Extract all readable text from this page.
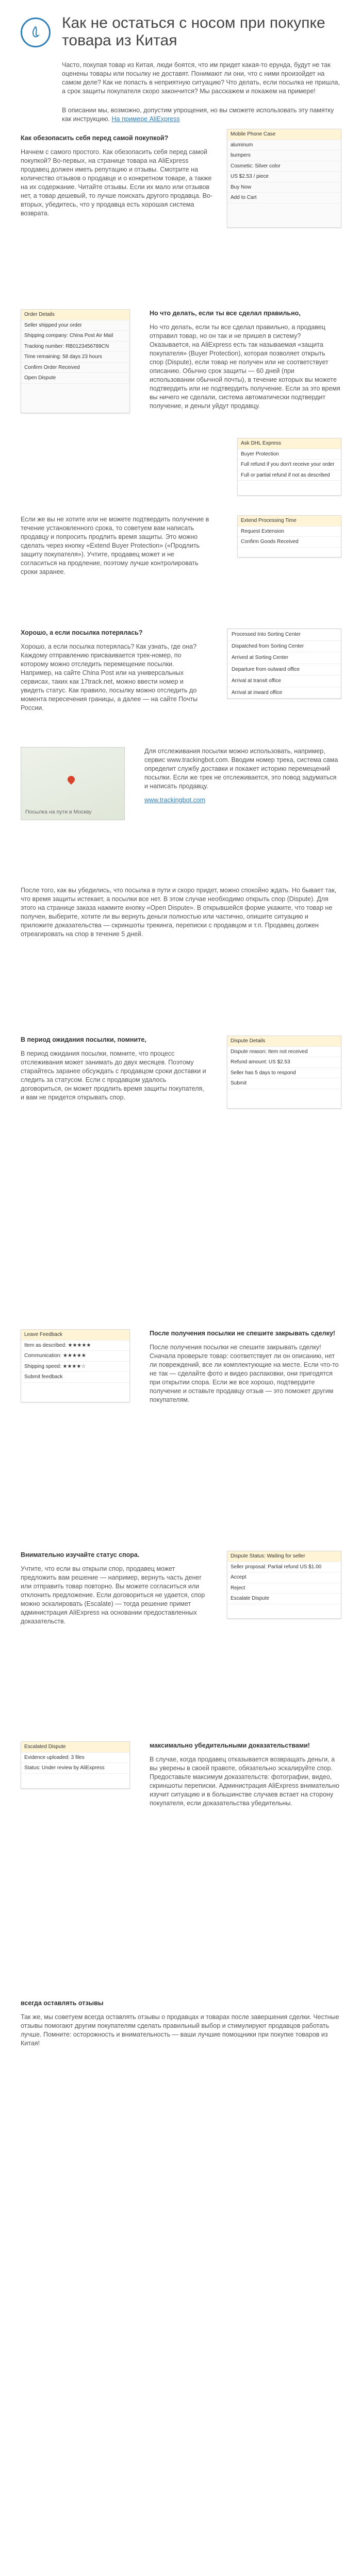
Как не остаться с носом при покупке товара из Китая
Часто, покупая товар из Китая, люди боятся, что им придет какая-то ерунда, будут не так оценены товары или посылку не доставят. Понимают ли они, что с ними произойдет на самом деле? Как не попасть в неприятную ситуацию? Что делать, если посылка не пришла, а срок защиты покупателя скоро закончится? Мы расскажем и покажем на примере!
В описании мы, возможно, допустим упрощения, но вы сможете использовать эту памятку как инструкцию. На примере AliExpress
Mobile Phone Case
aluminum
bumpers
Cosmetic: Silver color
US $2.53 / piece
Buy Now
Add to Cart

Как обезопасить себя перед самой покупкой?

Начнем с самого простого. Как обезопасить себя перед самой покупкой? Во-первых, на странице товара на AliExpress продавец должен иметь репутацию и отзывы. Смотрите на количество отзывов о продавце и о конкретном товаре, а также на их содержание. Читайте отзывы. Если их мало или отзывов нет, а товар дешевый, то лучше поискать другого продавца. Во-вторых, убедитесь, что у продавца есть хорошая система возврата.

Order Details
Seller shipped your order
Shipping company: China Post Air Mail
Tracking number: RB0123456789CN
Time remaining: 58 days 23 hours
Confirm Order Received
Open Dispute

Но что делать, если ты все сделал правильно,

Но что делать, если ты все сделал правильно, а продавец отправил товар, но он так и не пришел в систему? Оказывается, на AliExpress есть так называемая «защита покупателя» (Buyer Protection), которая позволяет открыть спор (Dispute), если товар не получен или не соответствует описанию. Обычно срок защиты — 60 дней (при использовании обычной почты), в течение которых вы можете подтвердить или не подтвердить получение. Если за это время вы ничего не сделали, система автоматически подтвердит получение, и деньги уйдут продавцу.

Ask DHL Express
Buyer Protection
Full refund if you don't receive your order
Full or partial refund if not as described

Если же вы не хотите или не можете подтвердить получение в течение установленного срока, то советуем вам написать продавцу и попросить продлить время защиты. Это можно сделать через кнопку «Extend Buyer Protection» («Продлить защиту покупателя»). Учтите, продавец может и не согласиться на продление, поэтому лучше контролировать сроки заранее.

Extend Processing Time
Request Extension
Confirm Goods Received

Хорошо, а если посылка потерялась?

Хорошо, а если посылка потерялась? Как узнать, где она? Каждому отправлению присваивается трек-номер, по которому можно отследить перемещение посылки. Например, на сайте China Post или на универсальных сервисах, таких как 17track.net, можно ввести номер и увидеть статус. Как правило, посылку можно отследить до момента пересечения границы, а далее — на сайте Почты России.

Processed Into Sorting Center
Dispatched from Sorting Center
Arrived at Sorting Center
Departure from outward office
Arrival at transit office
Arrival at inward office
Посылка на пути в Москву

Для отслеживания посылки можно использовать, например, сервис www.trackingbot.com. Вводим номер трека, система сама определит службу доставки и покажет историю перемещений посылки. Если же трек не отслеживается, это повод задуматься и написать продавцу.

www.trackingbot.com

После того, как вы убедились, что посылка в пути и скоро придет, можно спокойно ждать. Но бывает так, что время защиты истекает, а посылки все нет. В этом случае необходимо открыть спор (Dispute). Для этого на странице заказа нажмите кнопку «Open Dispute». В открывшейся форме укажите, что товар не получен, выберите, хотите ли вы вернуть деньги полностью или частично, опишите ситуацию и приложите доказательства — скриншоты трекинга, переписки с продавцом и т.п. Продавец должен отреагировать на спор в течение 5 дней.

В период ожидания посылки, помните,

В период ожидания посылки, помните, что процесс отслеживания может занимать до двух месяцев. Поэтому старайтесь заранее обсуждать с продавцом сроки доставки и следить за статусом. Если с продавцом удалось договориться, он может продлить время защиты покупателя, и вам не придется открывать спор.

Dispute Details
Dispute reason: Item not received
Refund amount: US $2.53
Seller has 5 days to respond
Submit
Leave Feedback
Item as described: ★★★★★
Communication: ★★★★★
Shipping speed: ★★★★☆
Submit feedback

После получения посылки не спешите закрывать сделку!

После получения посылки не спешите закрывать сделку! Сначала проверьте товар: соответствует ли он описанию, нет ли повреждений, все ли комплектующие на месте. Если что-то не так — сделайте фото и видео распаковки, они пригодятся при открытии спора. Если же все хорошо, подтвердите получение и оставьте продавцу отзыв — это поможет другим покупателям.

Внимательно изучайте статус спора.

Учтите, что если вы открыли спор, продавец может предложить вам решение — например, вернуть часть денег или отправить товар повторно. Вы можете согласиться или отклонить предложение. Если договориться не удается, спор можно эскалировать (Escalate) — тогда решение примет администрация AliExpress на основании предоставленных доказательств.

Dispute Status: Waiting for seller
Seller proposal: Partial refund US $1.00
Accept
Reject
Escalate Dispute
Escalated Dispute
Evidence uploaded: 3 files
Status: Under review by AliExpress

максимально убедительными доказательствами!

В случае, когда продавец отказывается возвращать деньги, а вы уверены в своей правоте, обязательно эскалируйте спор. Предоставьте максимум доказательств: фотографии, видео, скриншоты переписки. Администрация AliExpress внимательно изучит ситуацию и в большинстве случаев встает на сторону покупателя, если доказательства убедительны.

всегда оставлять отзывы

Так же, мы советуем всегда оставлять отзывы о продавцах и товарах после завершения сделки. Честные отзывы помогают другим покупателям сделать правильный выбор и стимулируют продавцов работать лучше. Помните: осторожность и внимательность — ваши лучшие помощники при покупке товаров из Китая!
